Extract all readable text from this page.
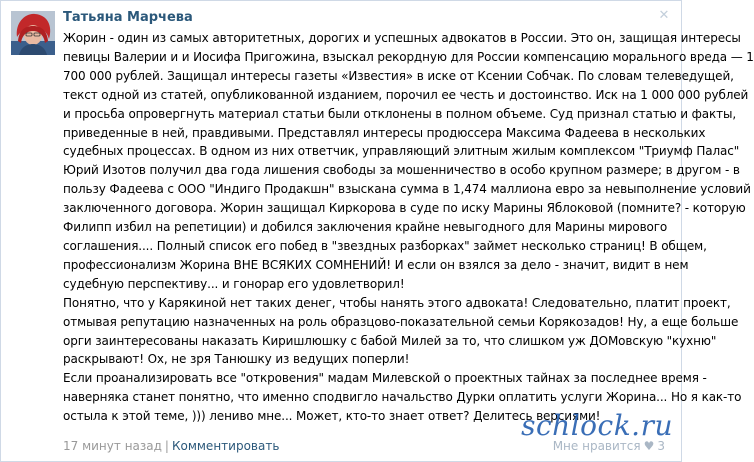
Татьяна Марчева	✕
Жорин - один из самых авторитетных, дорогих и успешных адвокатов в России. Это он, защищая интересы
певицы Валерии и и Иосифа Пригожина, взыскал рекордную для России компенсацию морального вреда — 1
700 000 рублей. Защищал интересы газеты «Известия» в иске от Ксении Собчак. По словам телеведущей,
текст одной из статей, опубликованной изданием, порочил ее честь и достоинство. Иск на 1 000 000 рублей
и просьба опровергнуть материал статьи были отклонены в полном объеме. Суд признал статью и факты,
приведенные в ней, правдивыми. Представлял интересы продюссера Максима Фадеева в нескольких
судебных процессах. В одном из них ответчик, управляющий элитным жилым комплексом "Триумф Палас"
Юрий Изотов получил два года лишения свободы за мошенничество в особо крупном размере; в другом - в
пользу Фадеева с ООО "Индиго Продакшн" взыскана сумма в 1,474 маллиона евро за невыполнение условий
заключенного договора. Жорин защищал Киркорова в суде по иску Марины Яблоковой (помните? - которую
Филипп избил на репетиции) и добился заключения крайне невыгодного для Марины мирового
соглашения.... Полный список его побед в "звездных разборках" займет несколько страниц! В общем,
профессионализм Жорина ВНЕ ВСЯКИХ СОМНЕНИЙ! И если он взялся за дело - значит, видит в нем
судебную перспективу... и гонорар его удовлетворил!
Понятно, что у Карякиной нет таких денег, чтобы нанять этого адвоката! Следовательно, платит проект,
отмывая репутацию назначенных на роль образцово-показательной семьи Корякозадов! Ну, а еще больше
орги заинтересованы наказать Киришлюшку с бабой Милей за то, что слишком уж ДОМовскую "кухню"
раскрывают! Ох, не зря Танюшку из ведущих поперли!
Если проанализировать все "откровения" мадам Милевской о проектных тайнах за последнее время -
наверняка станет понятно, что именно сподвигло начальство Дурки оплатить услуги Жорина... Но я как-то
остыла к этой теме, ))) лениво мне... Может, кто-то знает ответ? Делитесь версиями!
17 минут назад | Комментировать	Мне нравится ♥ 3
schlock.ru
